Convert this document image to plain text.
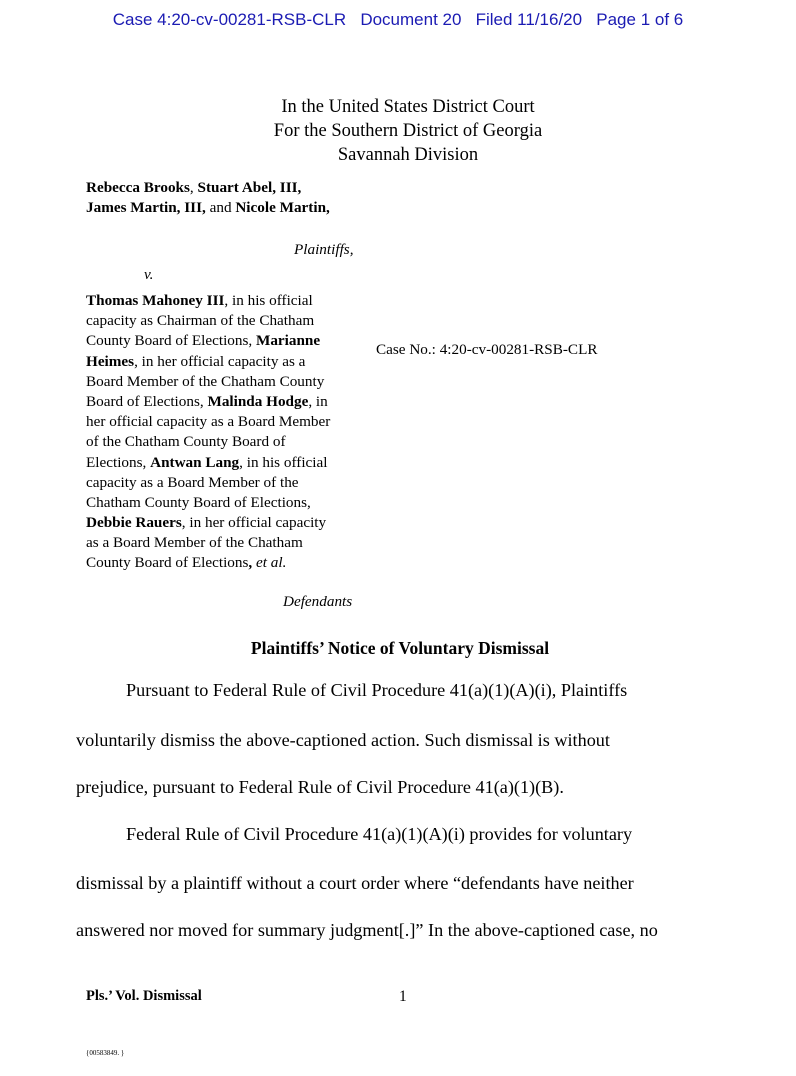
Case 4:20-cv-00281-RSB-CLR Document 20 Filed 11/16/20 Page 1 of 6
In the United States District Court
For the Southern District of Georgia
Savannah Division
Rebecca Brooks, Stuart Abel, III,
James Martin, III, and Nicole Martin,
Plaintiffs,
v.
Thomas Mahoney III, in his official
capacity as Chairman of the Chatham
County Board of Elections, Marianne
Heimes, in her official capacity as a
Board Member of the Chatham County
Board of Elections, Malinda Hodge, in
her official capacity as a Board Member
of the Chatham County Board of
Elections, Antwan Lang, in his official
capacity as a Board Member of the
Chatham County Board of Elections,
Debbie Rauers, in her official capacity
as a Board Member of the Chatham
County Board of Elections, et al.
Case No.: 4:20-cv-00281-RSB-CLR
Defendants
Plaintiffs’ Notice of Voluntary Dismissal
Pursuant to Federal Rule of Civil Procedure 41(a)(1)(A)(i), Plaintiffs
voluntarily dismiss the above-captioned action. Such dismissal is without
prejudice, pursuant to Federal Rule of Civil Procedure 41(a)(1)(B).
Federal Rule of Civil Procedure 41(a)(1)(A)(i) provides for voluntary
dismissal by a plaintiff without a court order where “defendants have neither
answered nor moved for summary judgment[.]” In the above-captioned case, no
Pls.’ Vol. Dismissal	1
{00583849. }
